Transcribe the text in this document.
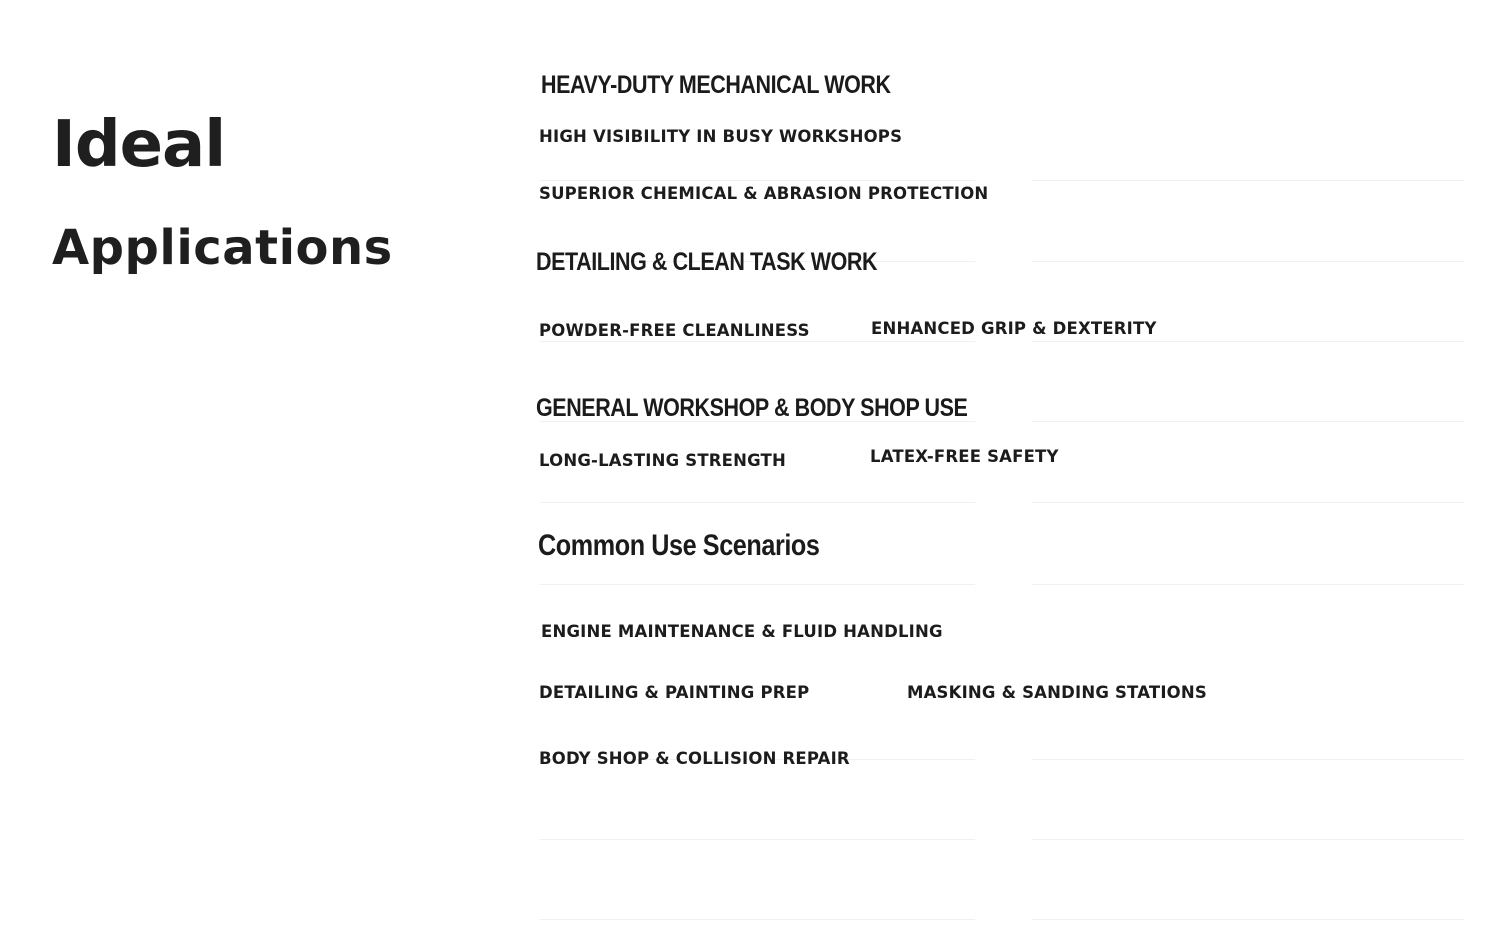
Ideal
Applications
HEAVY-DUTY MECHANICAL WORK

HIGH VISIBILITY IN BUSY WORKSHOPS

SUPERIOR CHEMICAL & ABRASION PROTECTION

DETAILING & CLEAN TASK WORK

POWDER-FREE CLEANLINESS	ENHANCED GRIP & DEXTERITY

GENERAL WORKSHOP & BODY SHOP USE

LONG-LASTING STRENGTH	LATEX-FREE SAFETY

Common Use Scenarios

ENGINE MAINTENANCE & FLUID HANDLING

DETAILING & PAINTING PREP	MASKING & SANDING STATIONS

BODY SHOP & COLLISION REPAIR
